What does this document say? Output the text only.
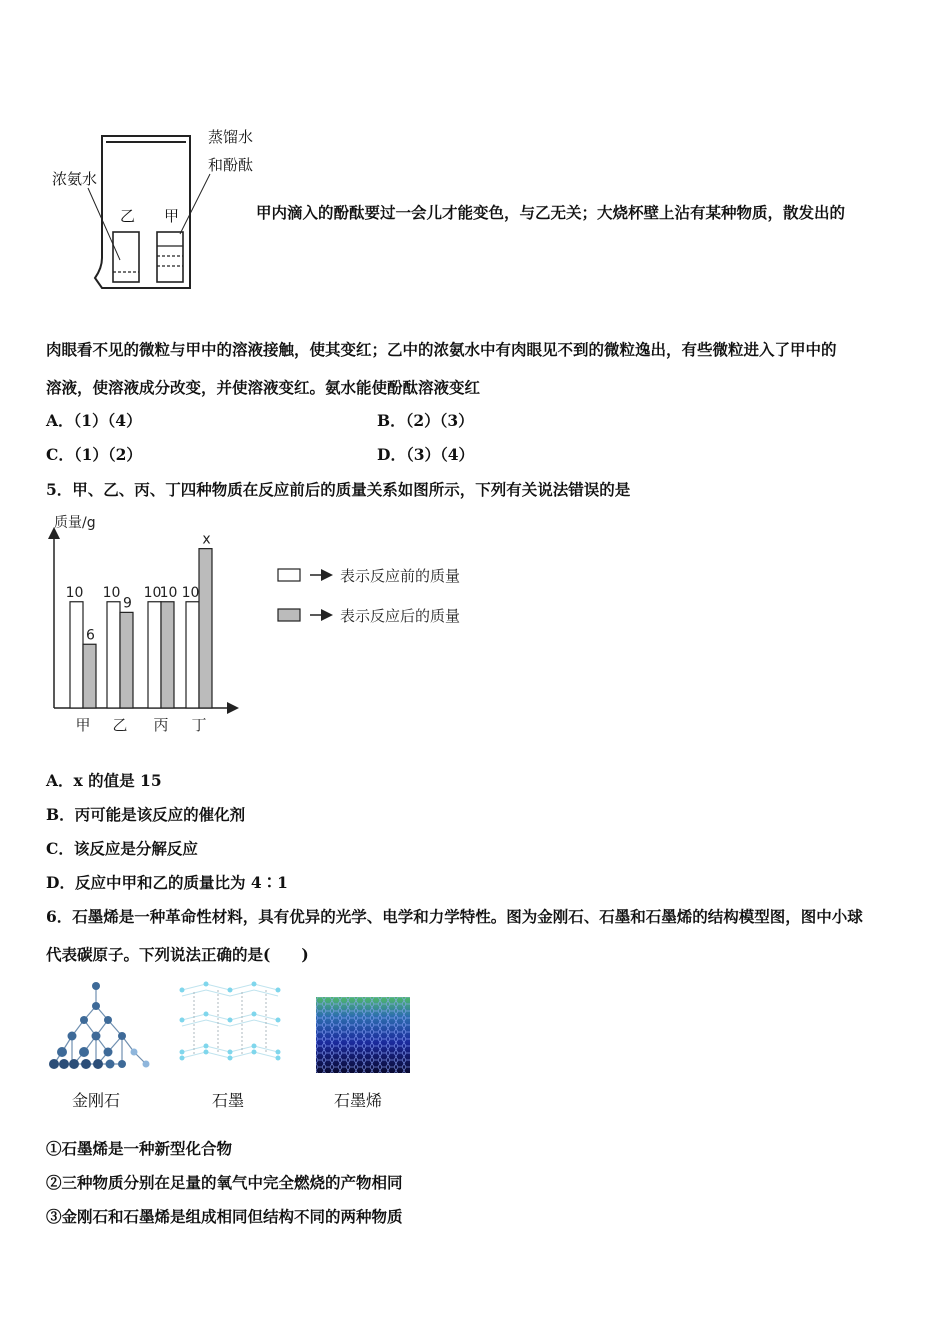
浓氨水
蒸馏水
和酚酞
乙 甲	甲内滴入的酚酞要过一会儿才能变色，与乙无关；大烧杯壁上沾有某种物质，散发出的
肉眼看不见的微粒与甲中的溶液接触，使其变红；乙中的浓氨水中有肉眼见不到的微粒逸出，有些微粒进入了甲中的
溶液，使溶液成分改变，并使溶液变红。氨水能使酚酞溶液变红
A．（1）（4）	B．（2）（3）
C．（1）（2）	D．（3）（4）
5．甲、乙、丙、丁四种物质在反应前后的质量关系如图所示，下列有关说法错误的是
质量/g
10
6
甲
10
9
乙
10
10
丙
10
x
丁
表示反应前的质量
表示反应后的质量
A．x 的值是 15
B．丙可能是该反应的催化剂
C．该反应是分解反应
D．反应中甲和乙的质量比为 4∶1
6．石墨烯是一种革命性材料，具有优异的光学、电学和力学特性。图为金刚石、石墨和石墨烯的结构模型图，图中小球
代表碳原子。下列说法正确的是(　　)
金刚石	石墨	石墨烯
①石墨烯是一种新型化合物
②三种物质分别在足量的氧气中完全燃烧的产物相同
③金刚石和石墨烯是组成相同但结构不同的两种物质
